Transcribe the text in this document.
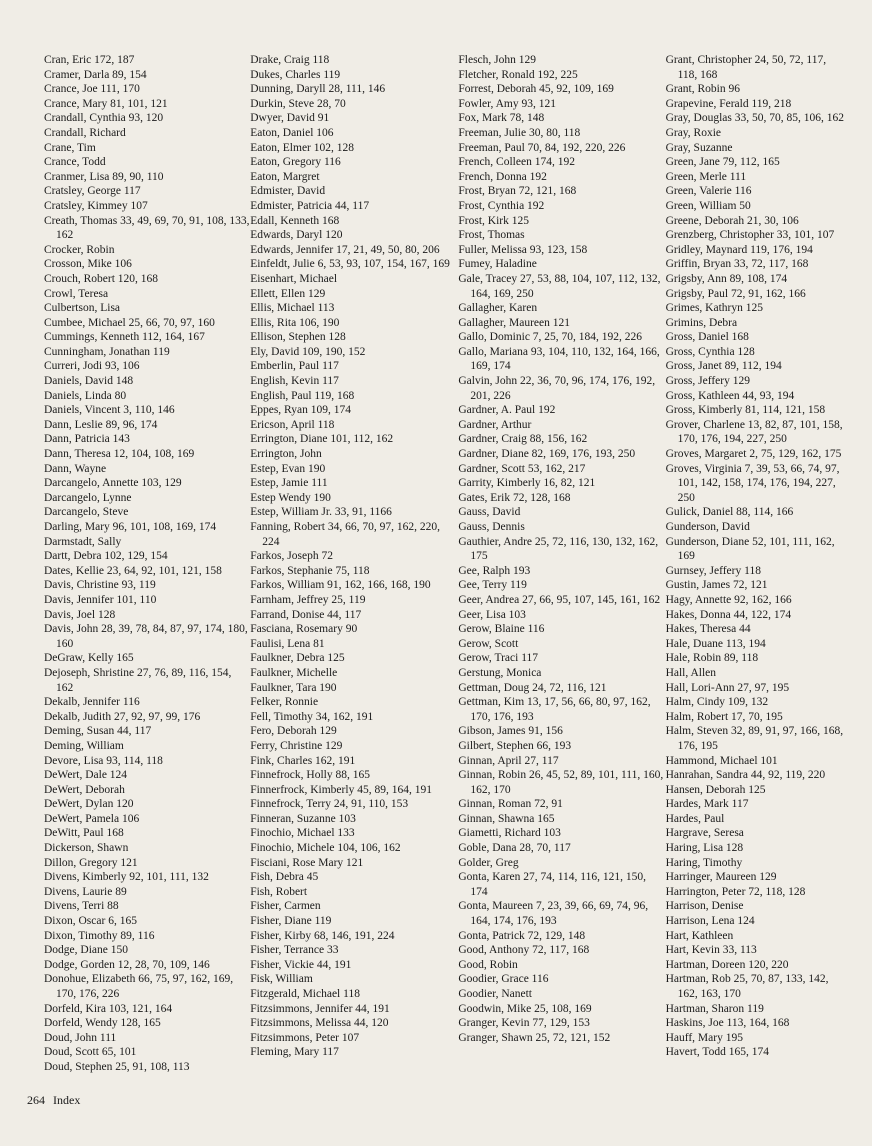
Cran, Eric 172, 187

Cramer, Darla 89, 154

Crance, Joe 111, 170

Crance, Mary 81, 101, 121

Crandall, Cynthia 93, 120

Crandall, Richard

Crane, Tim

Crance, Todd

Cranmer, Lisa 89, 90, 110

Cratsley, George 117

Cratsley, Kimmey 107

Creath, Thomas 33, 49, 69, 70, 91, 108, 133, 162

Crocker, Robin

Crosson, Mike 106

Crouch, Robert 120, 168

Crowl, Teresa

Culbertson, Lisa

Cumbee, Michael 25, 66, 70, 97, 160

Cummings, Kenneth 112, 164, 167

Cunningham, Jonathan 119

Curreri, Jodi 93, 106

Daniels, David 148

Daniels, Linda 80

Daniels, Vincent 3, 110, 146

Dann, Leslie 89, 96, 174

Dann, Patricia 143

Dann, Theresa 12, 104, 108, 169

Dann, Wayne

Darcangelo, Annette 103, 129

Darcangelo, Lynne

Darcangelo, Steve

Darling, Mary 96, 101, 108, 169, 174

Darmstadt, Sally

Dartt, Debra 102, 129, 154

Dates, Kellie 23, 64, 92, 101, 121, 158

Davis, Christine 93, 119

Davis, Jennifer 101, 110

Davis, Joel 128

Davis, John 28, 39, 78, 84, 87, 97, 174, 180, 160

DeGraw, Kelly 165

Dejoseph, Shristine 27, 76, 89, 116, 154, 162

Dekalb, Jennifer 116

Dekalb, Judith 27, 92, 97, 99, 176

Deming, Susan 44, 117

Deming, William

Devore, Lisa 93, 114, 118

DeWert, Dale 124

DeWert, Deborah

DeWert, Dylan 120

DeWert, Pamela 106

DeWitt, Paul 168

Dickerson, Shawn

Dillon, Gregory 121

Divens, Kimberly 92, 101, 111, 132

Divens, Laurie 89

Divens, Terri 88

Dixon, Oscar 6, 165

Dixon, Timothy 89, 116

Dodge, Diane 150

Dodge, Gorden 12, 28, 70, 109, 146

Donohue, Elizabeth 66, 75, 97, 162, 169, 170, 176, 226

Dorfeld, Kira 103, 121, 164

Dorfeld, Wendy 128, 165

Doud, John 111

Doud, Scott 65, 101

Doud, Stephen 25, 91, 108, 113

Drake, Craig 118

Dukes, Charles 119

Dunning, Daryll 28, 111, 146

Durkin, Steve 28, 70

Dwyer, David 91

Eaton, Daniel 106

Eaton, Elmer 102, 128

Eaton, Gregory 116

Eaton, Margret

Edmister, David

Edmister, Patricia 44, 117

Edall, Kenneth 168

Edwards, Daryl 120

Edwards, Jennifer 17, 21, 49, 50, 80, 206

Einfeldt, Julie 6, 53, 93, 107, 154, 167, 169

Eisenhart, Michael

Ellett, Ellen 129

Ellis, Michael 113

Ellis, Rita 106, 190

Ellison, Stephen 128

Ely, David 109, 190, 152

Emberlin, Paul 117

English, Kevin 117

English, Paul 119, 168

Eppes, Ryan 109, 174

Ericson, April 118

Errington, Diane 101, 112, 162

Errington, John

Estep, Evan 190

Estep, Jamie 111

Estep Wendy 190

Estep, William Jr. 33, 91, 1166

Fanning, Robert 34, 66, 70, 97, 162, 220, 224

Farkos, Joseph 72

Farkos, Stephanie 75, 118

Farkos, William 91, 162, 166, 168, 190

Farnham, Jeffrey 25, 119

Farrand, Donise 44, 117

Fasciana, Rosemary 90

Faulisi, Lena 81

Faulkner, Debra 125

Faulkner, Michelle

Faulkner, Tara 190

Felker, Ronnie

Fell, Timothy 34, 162, 191

Fero, Deborah 129

Ferry, Christine 129

Fink, Charles 162, 191

Finnefrock, Holly 88, 165

Finnerfrock, Kimberly 45, 89, 164, 191

Finnefrock, Terry 24, 91, 110, 153

Finneran, Suzanne 103

Finochio, Michael 133

Finochio, Michele 104, 106, 162

Fisciani, Rose Mary 121

Fish, Debra 45

Fish, Robert

Fisher, Carmen

Fisher, Diane 119

Fisher, Kirby 68, 146, 191, 224

Fisher, Terrance 33

Fisher, Vickie 44, 191

Fisk, William

Fitzgerald, Michael 118

Fitzsimmons, Jennifer 44, 191

Fitzsimmons, Melissa 44, 120

Fitzsimmons, Peter 107

Fleming, Mary 117

Flesch, John 129

Fletcher, Ronald 192, 225

Forrest, Deborah 45, 92, 109, 169

Fowler, Amy 93, 121

Fox, Mark 78, 148

Freeman, Julie 30, 80, 118

Freeman, Paul 70, 84, 192, 220, 226

French, Colleen 174, 192

French, Donna 192

Frost, Bryan 72, 121, 168

Frost, Cynthia 192

Frost, Kirk 125

Frost, Thomas

Fuller, Melissa 93, 123, 158

Fumey, Haladine

Gale, Tracey 27, 53, 88, 104, 107, 112, 132, 164, 169, 250

Gallagher, Karen

Gallagher, Maureen 121

Gallo, Dominic 7, 25, 70, 184, 192, 226

Gallo, Mariana 93, 104, 110, 132, 164, 166, 169, 174

Galvin, John 22, 36, 70, 96, 174, 176, 192, 201, 226

Gardner, A. Paul 192

Gardner, Arthur

Gardner, Craig 88, 156, 162

Gardner, Diane 82, 169, 176, 193, 250

Gardner, Scott 53, 162, 217

Garrity, Kimberly 16, 82, 121

Gates, Erik 72, 128, 168

Gauss, David

Gauss, Dennis

Gauthier, Andre 25, 72, 116, 130, 132, 162, 175

Gee, Ralph 193

Gee, Terry 119

Geer, Andrea 27, 66, 95, 107, 145, 161, 162

Geer, Lisa 103

Gerow, Blaine 116

Gerow, Scott

Gerow, Traci 117

Gerstung, Monica

Gettman, Doug 24, 72, 116, 121

Gettman, Kim 13, 17, 56, 66, 80, 97, 162, 170, 176, 193

Gibson, James 91, 156

Gilbert, Stephen 66, 193

Ginnan, April 27, 117

Ginnan, Robin 26, 45, 52, 89, 101, 111, 160, 162, 170

Ginnan, Roman 72, 91

Ginnan, Shawna 165

Giametti, Richard 103

Goble, Dana 28, 70, 117

Golder, Greg

Gonta, Karen 27, 74, 114, 116, 121, 150, 174

Gonta, Maureen 7, 23, 39, 66, 69, 74, 96, 164, 174, 176, 193

Gonta, Patrick 72, 129, 148

Good, Anthony 72, 117, 168

Good, Robin

Goodier, Grace 116

Goodier, Nanett

Goodwin, Mike 25, 108, 169

Granger, Kevin 77, 129, 153

Granger, Shawn 25, 72, 121, 152

Grant, Christopher 24, 50, 72, 117, 118, 168

Grant, Robin 96

Grapevine, Ferald 119, 218

Gray, Douglas 33, 50, 70, 85, 106, 162

Gray, Roxie

Gray, Suzanne

Green, Jane 79, 112, 165

Green, Merle 111

Green, Valerie 116

Green, William 50

Greene, Deborah 21, 30, 106

Grenzberg, Christopher 33, 101, 107

Gridley, Maynard 119, 176, 194

Griffin, Bryan 33, 72, 117, 168

Grigsby, Ann 89, 108, 174

Grigsby, Paul 72, 91, 162, 166

Grimes, Kathryn 125

Grimins, Debra

Gross, Daniel 168

Gross, Cynthia 128

Gross, Janet 89, 112, 194

Gross, Jeffery 129

Gross, Kathleen 44, 93, 194

Gross, Kimberly 81, 114, 121, 158

Grover, Charlene 13, 82, 87, 101, 158, 170, 176, 194, 227, 250

Groves, Margaret 2, 75, 129, 162, 175

Groves, Virginia 7, 39, 53, 66, 74, 97, 101, 142, 158, 174, 176, 194, 227, 250

Gulick, Daniel 88, 114, 166

Gunderson, David

Gunderson, Diane 52, 101, 111, 162, 169

Gurnsey, Jeffery 118

Gustin, James 72, 121

Hagy, Annette 92, 162, 166

Hakes, Donna 44, 122, 174

Hakes, Theresa 44

Hale, Duane 113, 194

Hale, Robin 89, 118

Hall, Allen

Hall, Lori-Ann 27, 97, 195

Halm, Cindy 109, 132

Halm, Robert 17, 70, 195

Halm, Steven 32, 89, 91, 97, 166, 168, 176, 195

Hammond, Michael 101

Hanrahan, Sandra 44, 92, 119, 220

Hansen, Deborah 125

Hardes, Mark 117

Hardes, Paul

Hargrave, Seresa

Haring, Lisa 128

Haring, Timothy

Harringer, Maureen 129

Harrington, Peter 72, 118, 128

Harrison, Denise

Harrison, Lena 124

Hart, Kathleen

Hart, Kevin 33, 113

Hartman, Doreen 120, 220

Hartman, Rob 25, 70, 87, 133, 142, 162, 163, 170

Hartman, Sharon 119

Haskins, Joe 113, 164, 168

Hauff, Mary 195

Havert, Todd 165, 174

264 Index
